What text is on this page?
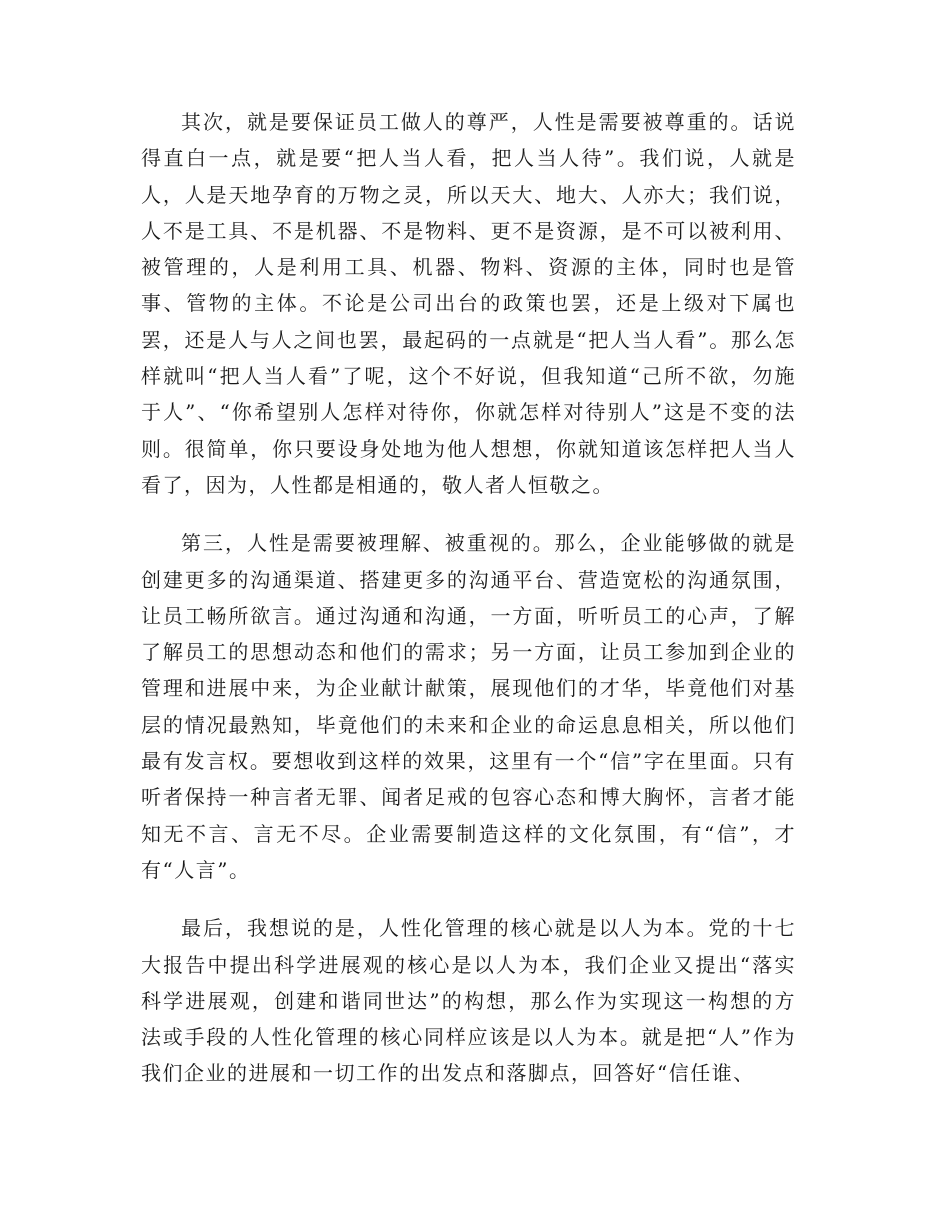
其次，就是要保证员工做人的尊严，人性是需要被尊重的。话说得直白一点，就是要“把人当人看，把人当人待”。我们说，人就是人，人是天地孕育的万物之灵，所以天大、地大、人亦大；我们说，人不是工具、不是机器、不是物料、更不是资源，是不可以被利用、被管理的，人是利用工具、机器、物料、资源的主体，同时也是管事、管物的主体。不论是公司出台的政策也罢，还是上级对下属也罢，还是人与人之间也罢，最起码的一点就是“把人当人看”。那么怎样就叫“把人当人看”了呢，这个不好说，但我知道“己所不欲，勿施于人”、“你希望别人怎样对待你，你就怎样对待别人”这是不变的法则。很简单，你只要设身处地为他人想想，你就知道该怎样把人当人看了，因为，人性都是相通的，敬人者人恒敬之。

第三，人性是需要被理解、被重视的。那么，企业能够做的就是创建更多的沟通渠道、搭建更多的沟通平台、营造宽松的沟通氛围，让员工畅所欲言。通过沟通和沟通，一方面，听听员工的心声，了解了解员工的思想动态和他们的需求；另一方面，让员工参加到企业的管理和进展中来，为企业献计献策，展现他们的才华，毕竟他们对基层的情况最熟知，毕竟他们的未来和企业的命运息息相关，所以他们最有发言权。要想收到这样的效果，这里有一个“信”字在里面。只有听者保持一种言者无罪、闻者足戒的包容心态和博大胸怀，言者才能知无不言、言无不尽。企业需要制造这样的文化氛围，有“信”，才有“人言”。

最后，我想说的是，人性化管理的核心就是以人为本。党的十七大报告中提出科学进展观的核心是以人为本，我们企业又提出“落实科学进展观，创建和谐同世达”的构想，那么作为实现这一构想的方法或手段的人性化管理的核心同样应该是以人为本。就是把“人”作为我们企业的进展和一切工作的出发点和落脚点，回答好“信任谁、
